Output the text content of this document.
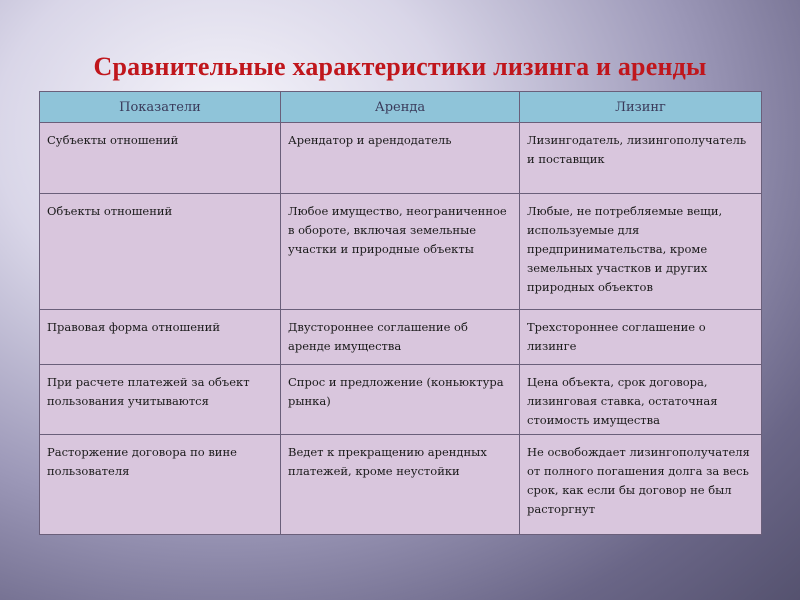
Сравнительные характеристики лизинга и аренды
Показатели	Аренда	Лизинг
Субъекты отношений	Арендатор и арендодатель	Лизингодатель, лизингополучатель и поставщик
Объекты отношений	Любое имущество, неограниченное в обороте, включая земельные участки и природные объекты	Любые, не потребляемые вещи, используемые для предпринимательства, кроме земельных участков и других природных объектов
Правовая форма отношений	Двустороннее соглашение об аренде имущества	Трехстороннее соглашение о лизинге
При расчете платежей за объект пользования учитываются	Спрос и предложение (коньюктура рынка)	Цена объекта, срок договора, лизинговая ставка, остаточная стоимость имущества
Расторжение договора по вине пользователя	Ведет к прекращению арендных платежей, кроме неустойки	Не освобождает лизингополучателя от полного погашения долга за весь срок, как если бы договор не был расторгнут
